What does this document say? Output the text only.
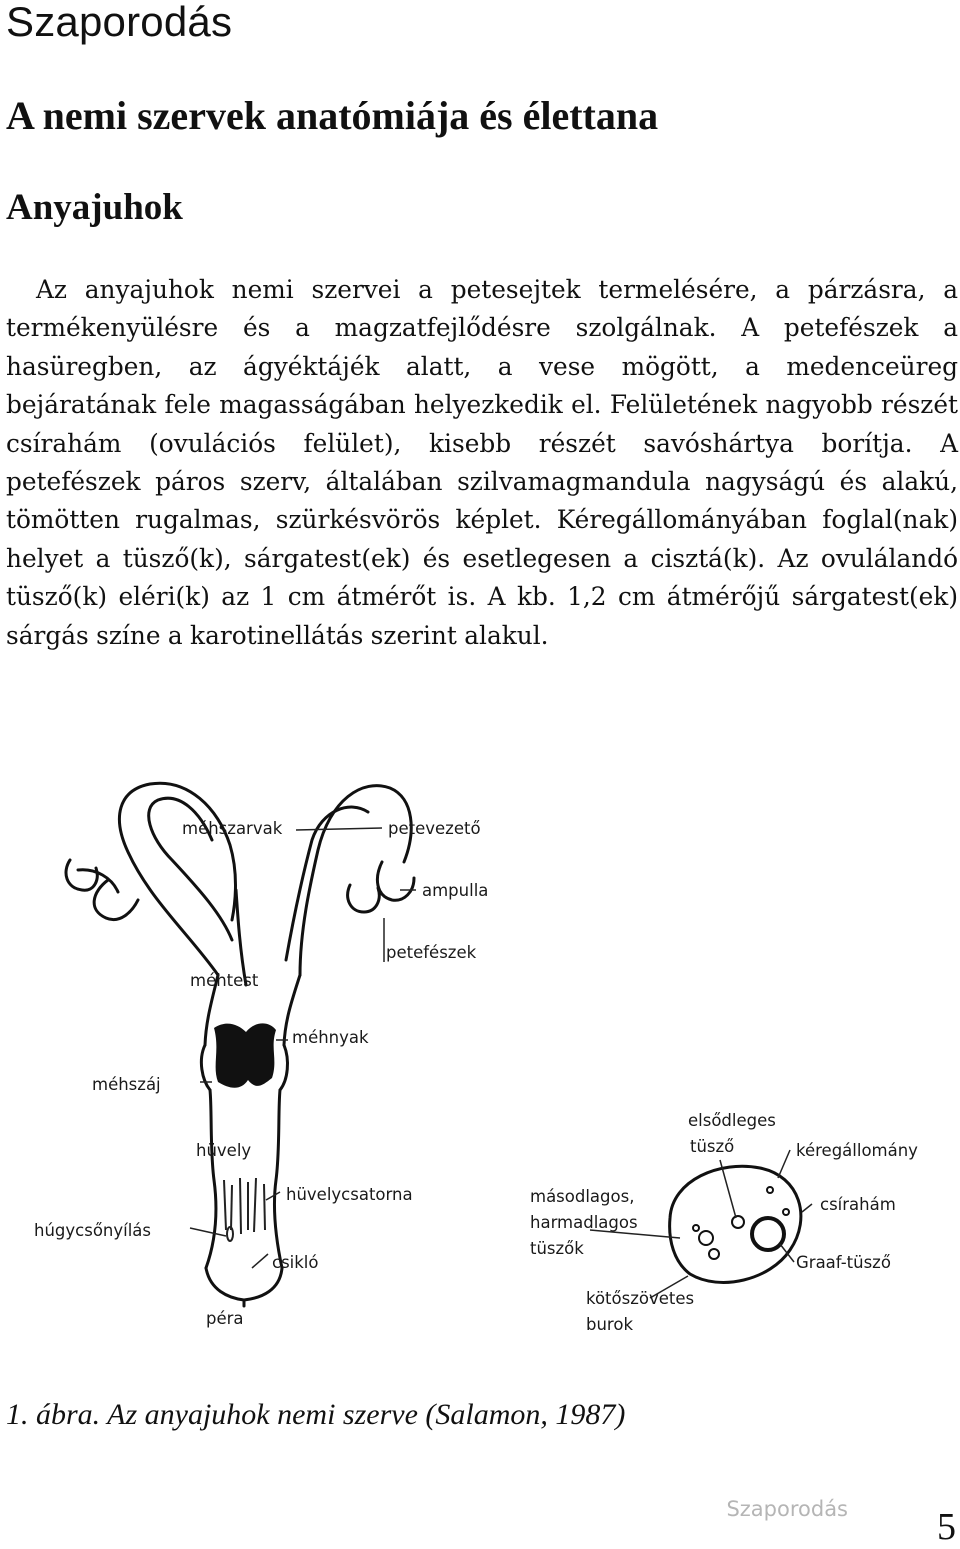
Szaporodás
A nemi szervek anatómiája és élettana
Anyajuhok

Az anyajuhok nemi szervei a petesejtek termelésére, a párzásra, a termékenyülésre és a magzatfejlődésre szolgálnak. A petefészek a hasüregben, az ágyéktájék alatt, a vese mögött, a medenceüreg bejáratának fele magasságában helyezkedik el. Felületének nagyobb részét csírahám (ovulációs felület), kisebb részét savóshártya borítja. A petefészek páros szerv, általában szilvamagmandula nagyságú és alakú, tömötten rugalmas, szürkésvörös képlet. Kéregállományában foglal(nak) helyet a tüsző(k), sárgatest(ek) és esetlegesen a cisztá(k). Az ovulálandó tüsző(k) eléri(k) az 1 cm átmérőt is. A kb. 1,2 cm átmérőjű sárgatest(ek) sárgás színe a karotinellátás szerint alakul.

méhszarvak	petevezető
ampulla
petefészek
méhtest
méhnyak
méhszáj
hüvely
hüvelycsatorna
húgycsőnyílás
csikló
péra
elsődleges
tüsző	kéregállomány
csírahám
másodlagos,
harmadlagos
tüszők
Graaf-tüsző
kötőszövetes
burok

1. ábra. Az anyajuhok nemi szerve (Salamon, 1987)

Szaporodás 5
